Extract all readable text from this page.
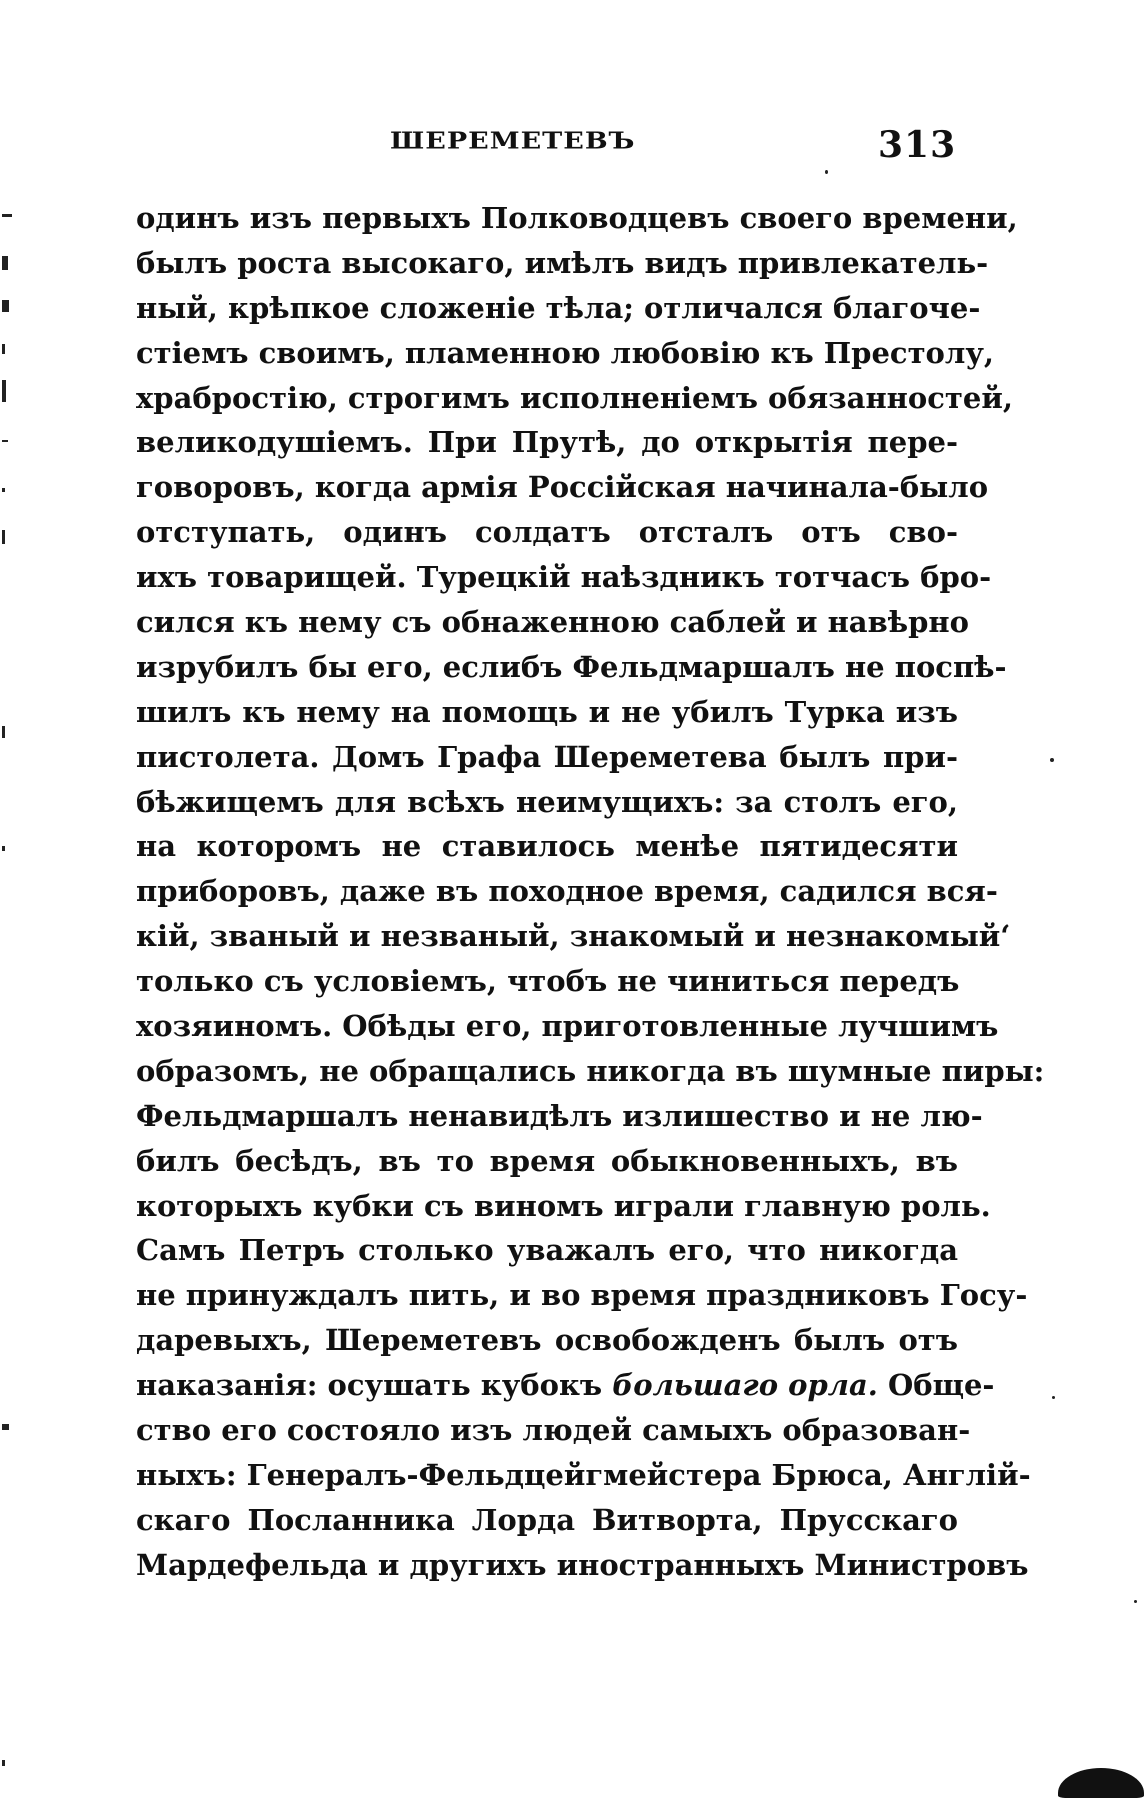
ШЕРЕМЕТЕВЪ	313
одинъ изъ первыхъ Полководцевъ своего времени,
былъ роста высокаго, имѣлъ видъ привлекатель-
ный, крѣпкое сложеніе тѣла; отличался благоче-
стіемъ своимъ, пламенною любовію къ Престолу,
храбростію, строгимъ исполненіемъ обязанностей,
великодушіемъ. При Прутѣ, до открытія пере-
говоровъ, когда армія Россійская начинала-было
отступать, одинъ солдатъ отсталъ отъ сво-
ихъ товарищей. Турецкій наѣздникъ тотчасъ бро-
сился къ нему съ обнаженною саблей и навѣрно
изрубилъ бы его, еслибъ Фельдмаршалъ не поспѣ-
шилъ къ нему на помощь и не убилъ Турка изъ
пистолета. Домъ Графа Шереметева былъ при-
бѣжищемъ для всѣхъ неимущихъ: за столъ его,
на которомъ не ставилось менѣе пятидесяти
приборовъ, даже въ походное время, садился вся-
кій, званый и незваный, знакомый и незнакомый‘
только съ условіемъ, чтобъ не чиниться передъ
хозяиномъ. Обѣды его, приготовленные лучшимъ
образомъ, не обращались никогда въ шумные пиры:
Фельдмаршалъ ненавидѣлъ излишество и не лю-
билъ бесѣдъ, въ то время обыкновенныхъ, въ
которыхъ кубки съ виномъ играли главную роль.
Самъ Петръ столько уважалъ его, что никогда
не принуждалъ пить, и во время праздниковъ Госу-
даревыхъ, Шереметевъ освобожденъ былъ отъ
наказанія: осушать кубокъ большаго орла. Обще-
ство его состояло изъ людей самыхъ образован-
ныхъ: Генералъ-Фельдцейгмейстера Брюса, Англій-
скаго Посланника Лорда Витворта, Прусскаго
Мардефельда и другихъ иностранныхъ Министровъ
